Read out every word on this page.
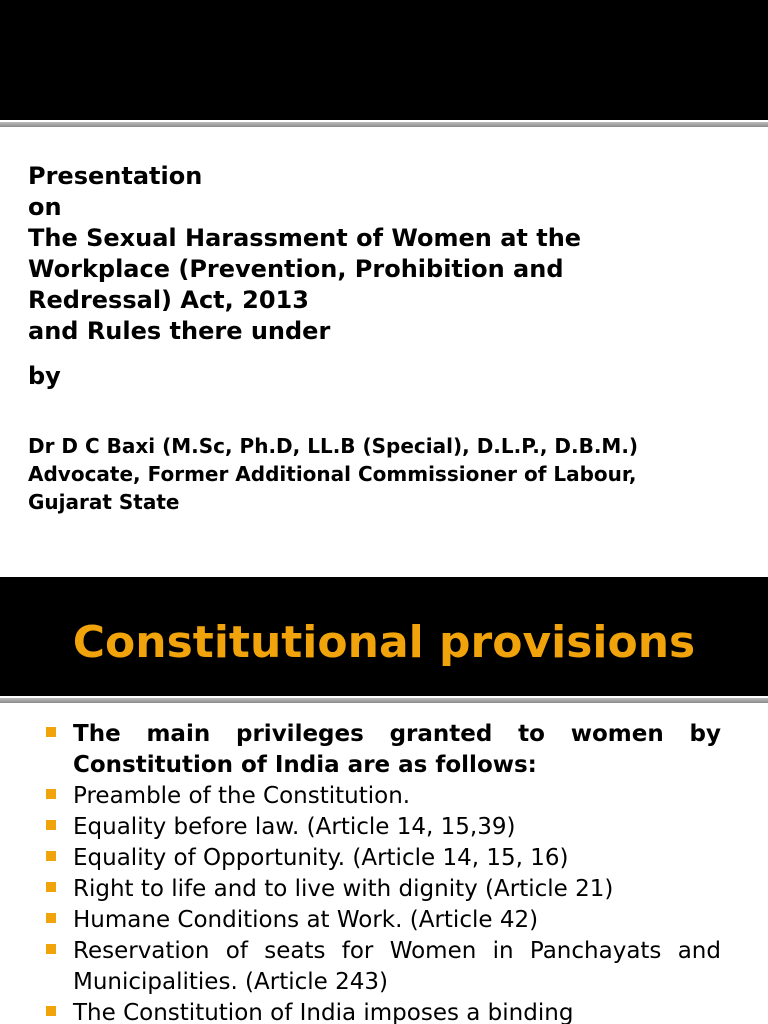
Presentation
on
The Sexual Harassment of Women at the
Workplace (Prevention, Prohibition and
Redressal) Act, 2013
and Rules there under
by
Dr D C Baxi (M.Sc, Ph.D, LL.B (Special), D.L.P., D.B.M.)
Advocate, Former Additional Commissioner of Labour,
Gujarat State
Constitutional provisions
The main privileges granted to women by Constitution of India are as follows:
Preamble of the Constitution.
Equality before law. (Article 14, 15,39)
Equality of Opportunity. (Article 14, 15, 16)
Right to life and to live with dignity (Article 21)
Humane Conditions at Work. (Article 42)
Reservation of seats for Women in Panchayats and Municipalities. (Article 243)
The Constitution of India imposes a binding
